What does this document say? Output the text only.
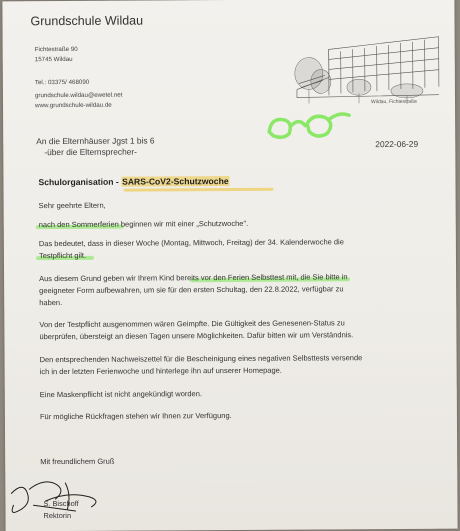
Grundschule Wildau
Fichtestraße 90
15745 Wildau
Tel.: 03375/ 468090
grundschule.wildau@ewetel.net
www.grundschule-wildau.de	Wildau, Fichtestraße
An die Elternhäuser Jgst 1 bis 6
-über die Elternsprecher-
2022-06-29
Schulorganisation - SARS-CoV2-Schutzwoche
Sehr geehrte Eltern,
nach den Sommerferien beginnen wir mit einer „Schutzwoche".
Das bedeutet, dass in dieser Woche (Montag, Mittwoch, Freitag) der 34. Kalenderwoche die
Testpflicht gilt.
Aus diesem Grund geben wir Ihrem Kind bereits vor den Ferien Selbsttest mit, die Sie bitte in
geeigneter Form aufbewahren, um sie für den ersten Schultag, den 22.8.2022, verfügbar zu
haben.
Von der Testpflicht ausgenommen wären Geimpfte. Die Gültigkeit des Genesenen-Status zu
überprüfen, übersteigt an diesen Tagen unsere Möglichkeiten. Dafür bitten wir um Verständnis.
Den entsprechenden Nachweiszettel für die Bescheinigung eines negativen Selbsttests versende
ich in der letzten Ferienwoche und hinterlege ihn auf unserer Homepage.
Eine Maskenpflicht ist nicht angekündigt worden.
Für mögliche Rückfragen stehen wir Ihnen zur Verfügung.
Mit freundlichem Gruß
S. Bischoff
Rektorin
